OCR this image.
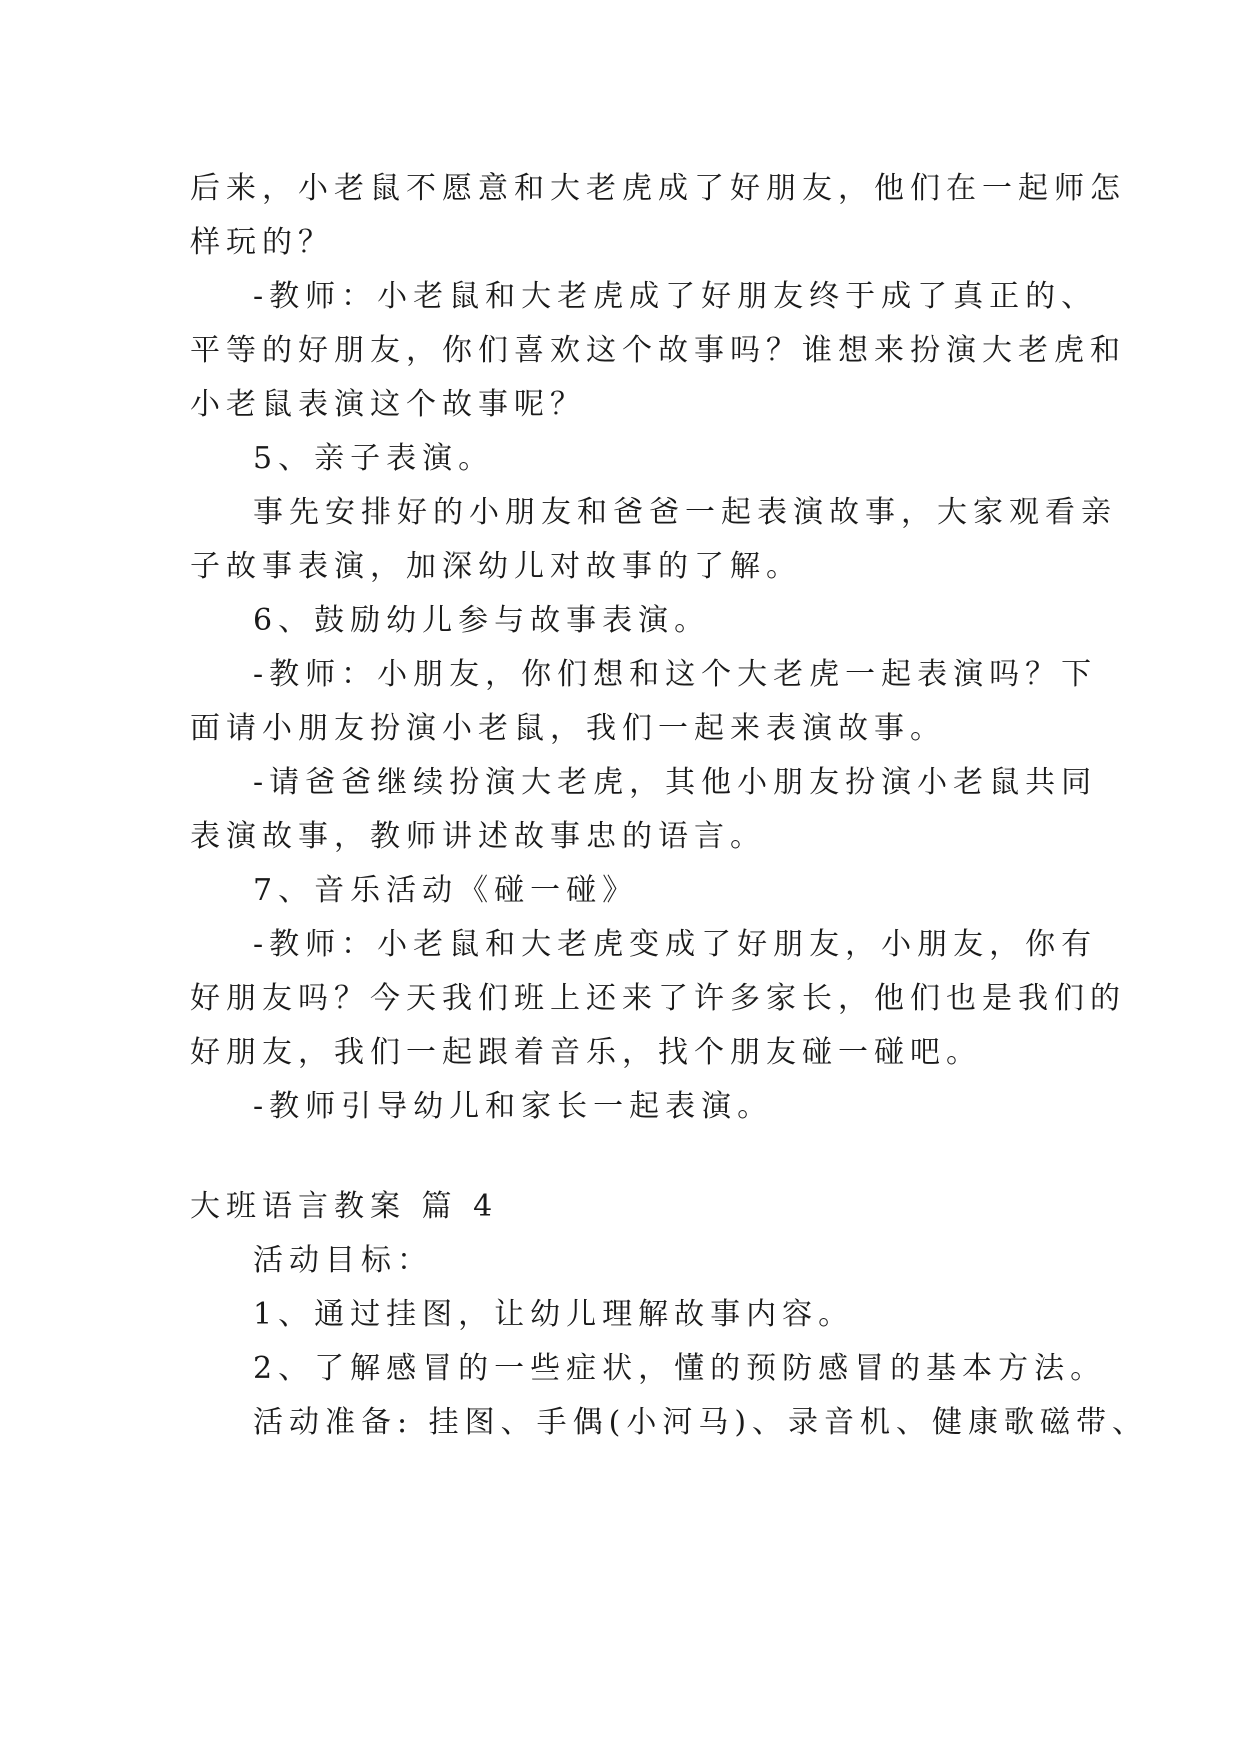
后来，小老鼠不愿意和大老虎成了好朋友，他们在一起师怎

样玩的？

-教师：小老鼠和大老虎成了好朋友终于成了真正的、

平等的好朋友，你们喜欢这个故事吗？谁想来扮演大老虎和

小老鼠表演这个故事呢？

5、亲子表演。

事先安排好的小朋友和爸爸一起表演故事，大家观看亲

子故事表演，加深幼儿对故事的了解。

6、鼓励幼儿参与故事表演。

-教师：小朋友，你们想和这个大老虎一起表演吗？下

面请小朋友扮演小老鼠，我们一起来表演故事。

-请爸爸继续扮演大老虎，其他小朋友扮演小老鼠共同

表演故事，教师讲述故事忠的语言。

7、音乐活动《碰一碰》

-教师：小老鼠和大老虎变成了好朋友，小朋友，你有

好朋友吗？今天我们班上还来了许多家长，他们也是我们的

好朋友，我们一起跟着音乐，找个朋友碰一碰吧。

-教师引导幼儿和家长一起表演。

大班语言教案 篇 4

活动目标：

1、通过挂图，让幼儿理解故事内容。

2、了解感冒的一些症状，懂的预防感冒的基本方法。

活动准备: 挂图、手偶(小河马)、录音机、健康歌磁带、
